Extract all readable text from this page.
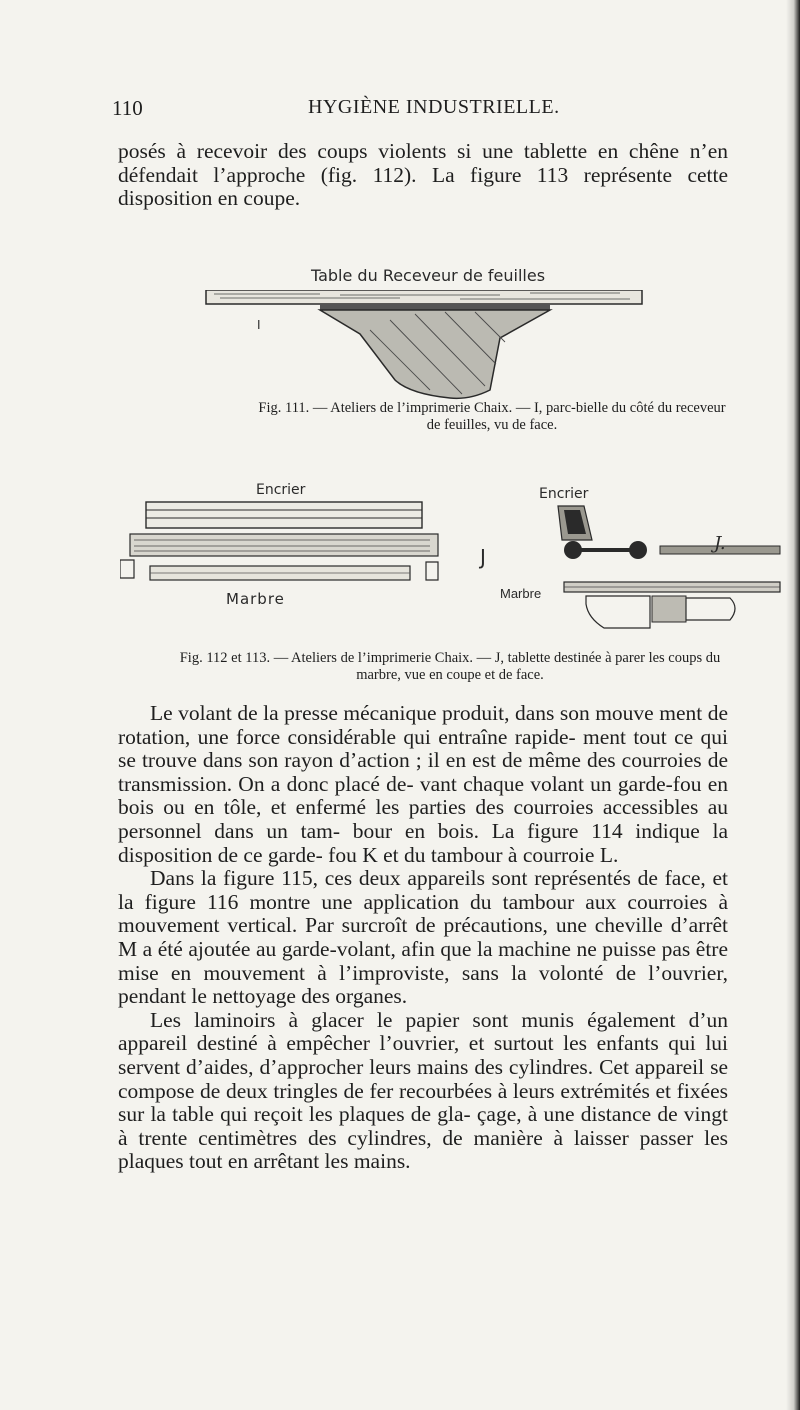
110	HYGIÈNE INDUSTRIELLE.

posés à recevoir des coups violents si une tablette en chêne n’en défendait l’approche (fig. 112). La figure 113 représente cette disposition en coupe.

Table du Receveur de feuilles
I

Fig. 111. — Ateliers de l’imprimerie Chaix. — I, parc-bielle du côté du receveur
de feuilles, vu de face.

Encrier
J
Marbre
Encrier
J.
Marbre

Fig. 112 et 113. — Ateliers de l’imprimerie Chaix. — J, tablette destinée à parer les coups du
marbre, vue en coupe et de face.

Le volant de la presse mécanique produit, dans son mouve ment de rotation, une force considérable qui entraîne rapide- ment tout ce qui se trouve dans son rayon d’action ; il en est de même des courroies de transmission. On a donc placé de- vant chaque volant un garde-fou en bois ou en tôle, et enfermé les parties des courroies accessibles au personnel dans un tam- bour en bois. La figure 114 indique la disposition de ce garde- fou K et du tambour à courroie L.
Dans la figure 115, ces deux appareils sont représentés de face, et la figure 116 montre une application du tambour aux courroies à mouvement vertical. Par surcroît de précautions, une cheville d’arrêt M a été ajoutée au garde-volant, afin que la machine ne puisse pas être mise en mouvement à l’improviste, sans la volonté de l’ouvrier, pendant le nettoyage des organes.
Les laminoirs à glacer le papier sont munis également d’un appareil destiné à empêcher l’ouvrier, et surtout les enfants qui lui servent d’aides, d’approcher leurs mains des cylindres. Cet appareil se compose de deux tringles de fer recourbées à leurs extrémités et fixées sur la table qui reçoit les plaques de gla- çage, à une distance de vingt à trente centimètres des cylindres, de manière à laisser passer les plaques tout en arrêtant les mains.
